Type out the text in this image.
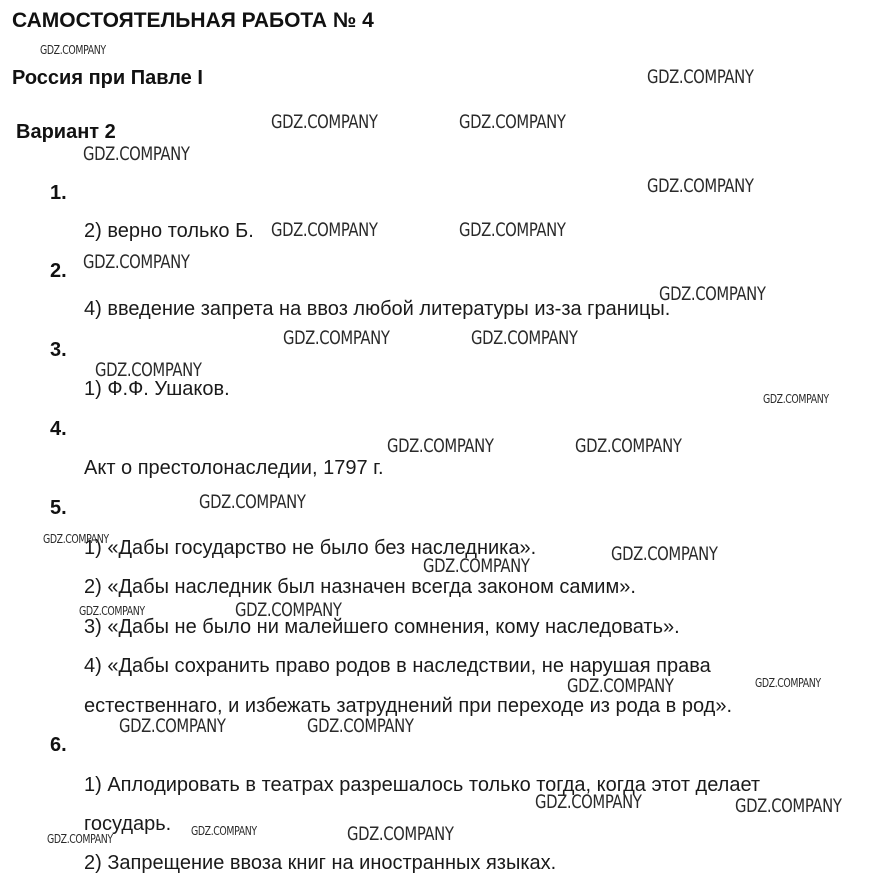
САМОСТОЯТЕЛЬНАЯ РАБОТА № 4
Россия при Павле I
Вариант 2
1.
2) верно только Б.
2.
4) введение запрета на ввоз любой литературы из-за границы.
3.
1) Ф.Ф. Ушаков.
4.
Акт о престолонаследии, 1797 г.
5.
1) «Дабы государство не было без наследника».
2) «Дабы наследник был назначен всегда законом самим».
3) «Дабы не было ни малейшего сомнения, кому наследовать».
4) «Дабы сохранить право родов в наследствии, не нарушая права
естественнаго, и избежать затруднений при переходе из рода в род».
6.
1) Аплодировать в театрах разрешалось только тогда, когда этот делает
государь.
2) Запрещение ввоза книг на иностранных языках.
GDZ.COMPANY
GDZ.COMPANY
GDZ.COMPANY	GDZ.COMPANY
GDZ.COMPANY
GDZ.COMPANY
GDZ.COMPANY	GDZ.COMPANY
GDZ.COMPANY
GDZ.COMPANY
GDZ.COMPANY	GDZ.COMPANY
GDZ.COMPANY
GDZ.COMPANY
GDZ.COMPANY	GDZ.COMPANY
GDZ.COMPANY
GDZ.COMPANY
GDZ.COMPANY
GDZ.COMPANY
GDZ.COMPANY	GDZ.COMPANY
GDZ.COMPANY	GDZ.COMPANY
GDZ.COMPANY	GDZ.COMPANY
GDZ.COMPANY	GDZ.COMPANY
GDZ.COMPANY
GDZ.COMPANY	GDZ.COMPANY
